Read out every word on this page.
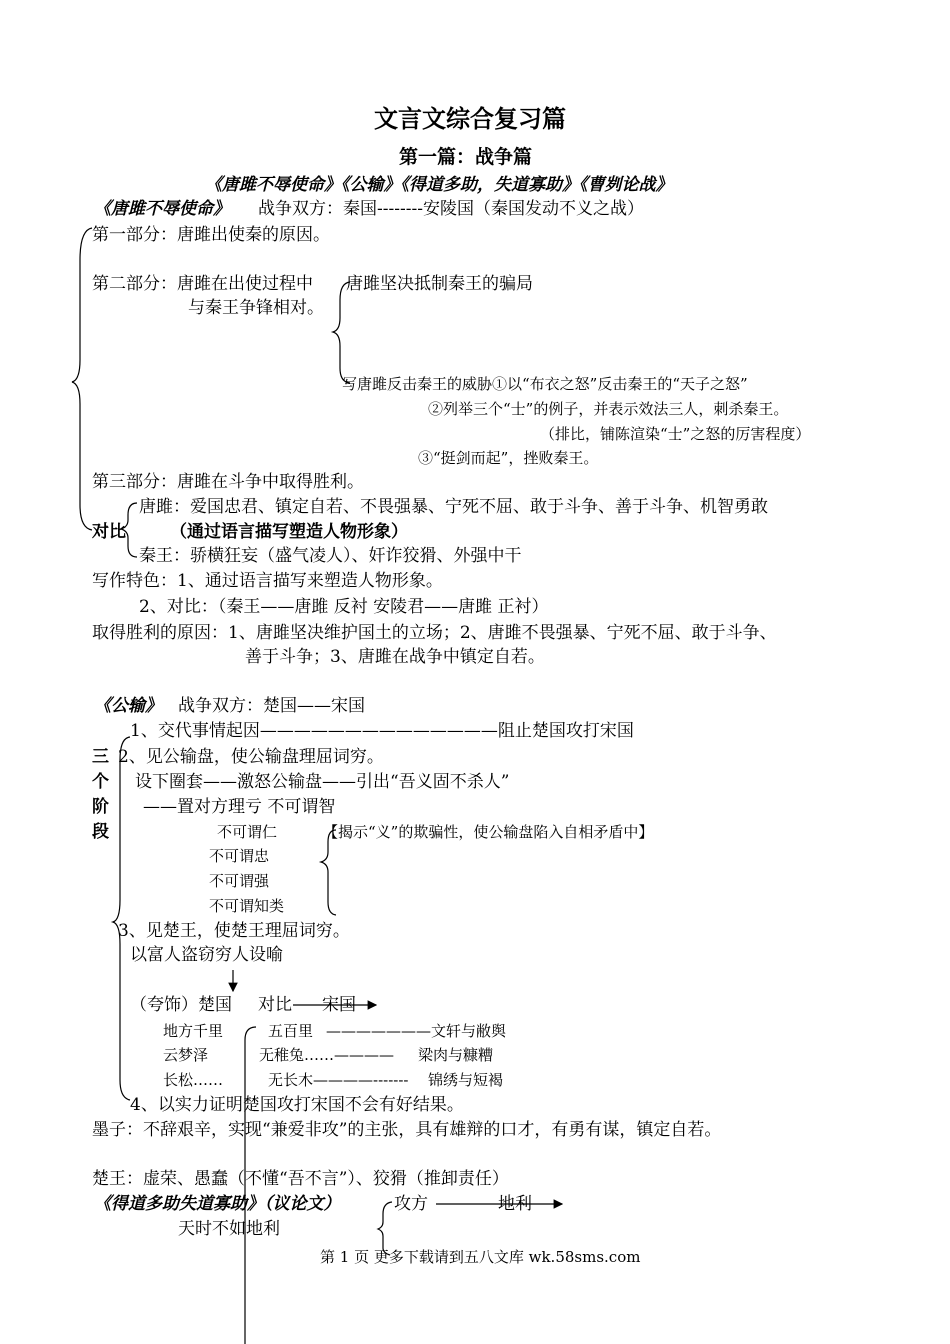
文言文综合复习篇
第一篇：战争篇
《唐雎不辱使命》《公输》《得道多助，失道寡助》《曹刿论战》
《唐雎不辱使命》 战争双方：秦国--------安陵国（秦国发动不义之战）
第一部分：唐雎出使秦的原因。
第二部分：唐雎在出使过程中 唐雎坚决抵制秦王的骗局
与秦王争锋相对。
写唐雎反击秦王的威胁①以“布衣之怒”反击秦王的“天子之怒”
②列举三个“士”的例子，并表示效法三人，刺杀秦王。
（排比，铺陈渲染“士”之怒的厉害程度）
③“挺剑而起”，挫败秦王。
第三部分：唐雎在斗争中取得胜利。
唐雎：爱国忠君、镇定自若、不畏强暴、宁死不屈、敢于斗争、善于斗争、机智勇敢
对比	（通过语言描写塑造人物形象）
秦王：骄横狂妄（盛气凌人）、奸诈狡猾、外强中干
写作特色：1、通过语言描写来塑造人物形象。
2、对比：（秦王——唐雎 反衬 安陵君——唐雎 正衬）
取得胜利的原因：1、唐雎坚决维护国土的立场；2、唐雎不畏强暴、宁死不屈、敢于斗争、
善于斗争；3、唐雎在战争中镇定自若。
《公输》 战争双方：楚国——宋国
1、交代事情起因——————————————阻止楚国攻打宋国
三 2、见公输盘，使公输盘理屈词穷。
个 设下圈套——激怒公输盘——引出“吾义固不杀人”
阶 ——置对方理亏 不可谓智
段	不可谓仁	【揭示“义”的欺骗性，使公输盘陷入自相矛盾中】
不可谓忠
不可谓强
不可谓知类
3、见楚王，使楚王理屈词穷。
以富人盗窃穷人设喻
（夸饰）楚国 对比 宋国
地方千里	五百里 ———————文轩与敝舆
云梦泽	无稚兔……———— 梁肉与糠糟
长松……	无长木————------- 锦绣与短褐
4、以实力证明楚国攻打宋国不会有好结果。
墨子：不辞艰辛，实现“兼爱非攻”的主张，具有雄辩的口才，有勇有谋，镇定自若。
楚王：虚荣、愚蠢（不懂“吾不言”）、狡猾（推卸责任）
《得道多助失道寡助》（议论文）	攻方	地利
天时不如地利
第 1 页 更多下载请到五八文库 wk.58sms.com
